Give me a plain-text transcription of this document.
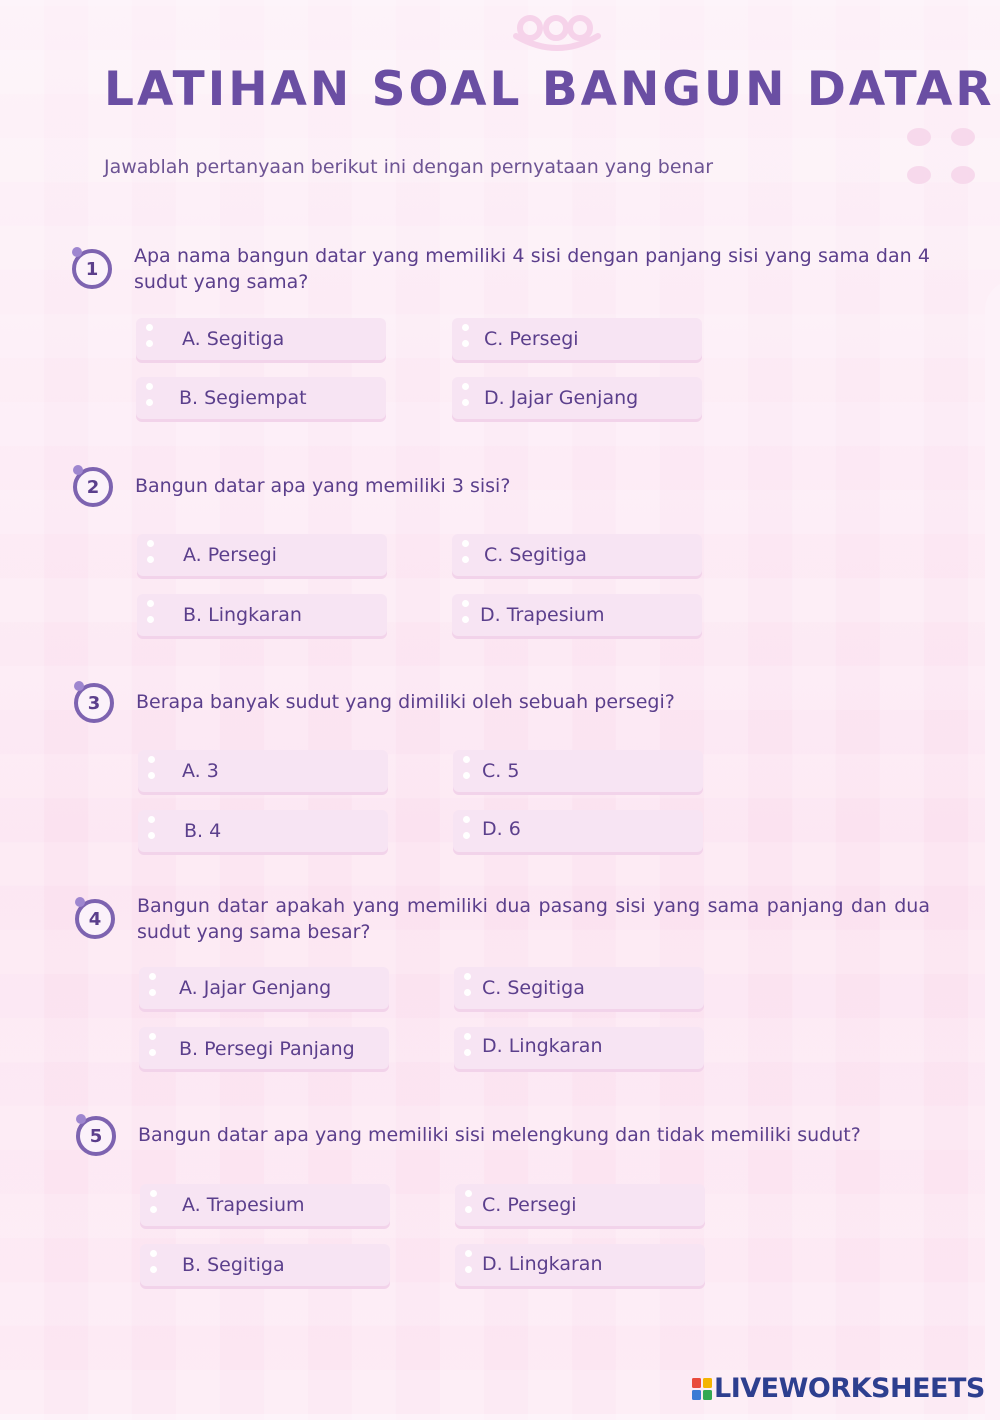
LATIHAN SOAL BANGUN DATAR
Jawablah pertanyaan berikut ini dengan pernyataan yang benar
1
Apa nama bangun datar yang memiliki 4 sisi dengan panjang sisi yang sama dan 4 sudut yang sama?
A. Segitiga	C. Persegi
B. Segiempat	D. Jajar Genjang
2 Bangun datar apa yang memiliki 3 sisi?
A. Persegi	C. Segitiga
B. Lingkaran	D. Trapesium
3 Berapa banyak sudut yang dimiliki oleh sebuah persegi?
A. 3	C. 5
B. 4	D. 6
4
Bangun datar apakah yang memiliki dua pasang sisi yang sama panjang dan dua sudut yang sama besar?
A. Jajar Genjang	C. Segitiga
B. Persegi Panjang	D. Lingkaran
5 Bangun datar apa yang memiliki sisi melengkung dan tidak memiliki sudut?
A. Trapesium	C. Persegi
B. Segitiga	D. Lingkaran
LIVEWORKSHEETS
